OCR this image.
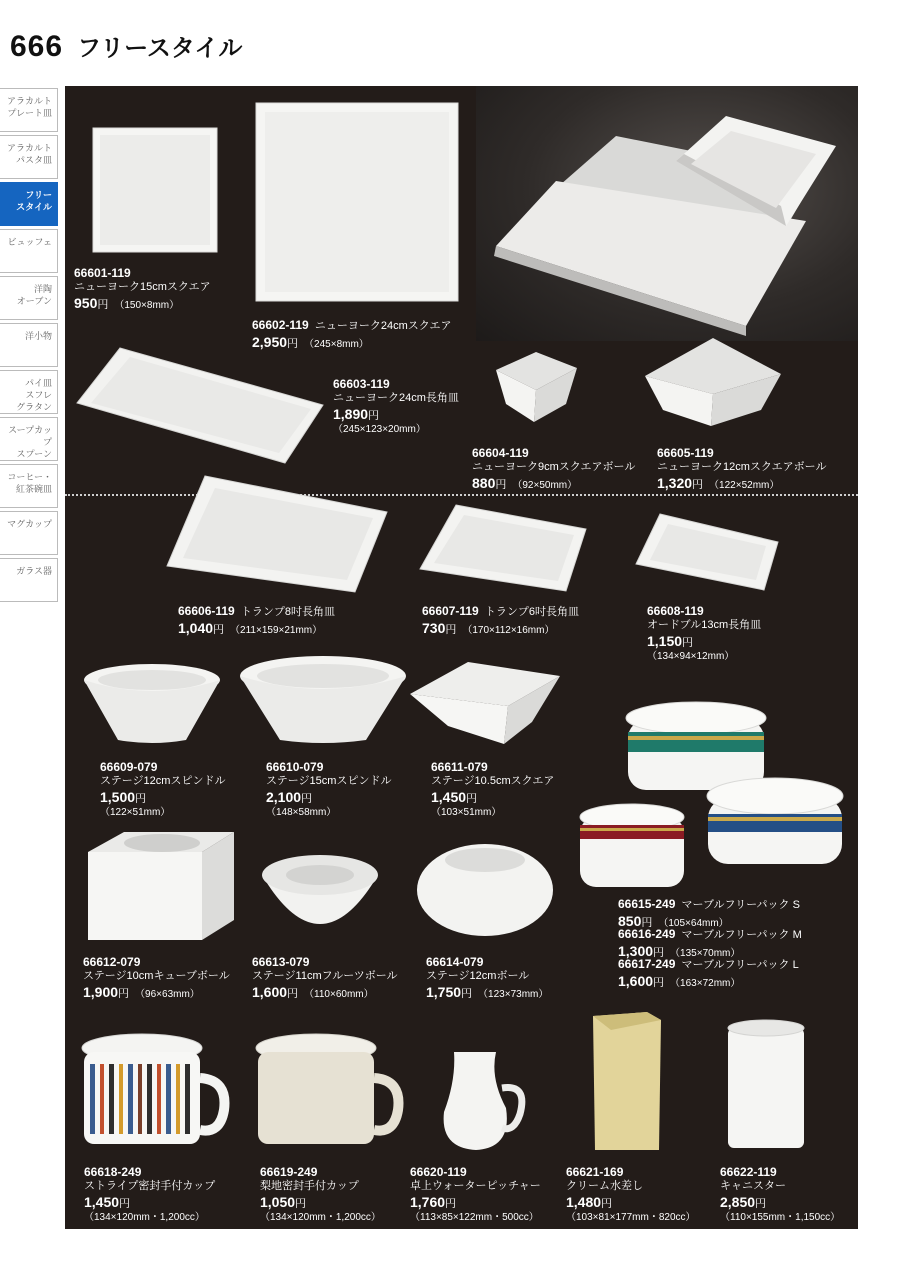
666 フリースタイル
アラカルト
プレート皿
アラカルト
パスタ皿
フリー
スタイル
ビュッフェ
洋陶
オーブン
洋小物
パイ皿
スフレ
グラタン
スープカップ
スプーン
コーヒー・
紅茶碗皿
マグカップ
ガラス器
66601-119
ニューヨーク15cmスクエア
950円 （150×8mm）
66602-119 ニューヨーク24cmスクエア
2,950円 （245×8mm）
66603-119
ニューヨーク24cm長角皿
1,890円
（245×123×20mm）
66604-119
ニューヨーク9cmスクエアボール
880円 （92×50mm）
66605-119
ニューヨーク12cmスクエアボール
1,320円 （122×52mm）
66606-119 トランプ8吋長角皿
1,040円 （211×159×21mm）
66607-119 トランプ6吋長角皿
730円 （170×112×16mm）
66608-119
オードブル13cm長角皿
1,150円
（134×94×12mm）
66609-079
ステージ12cmスピンドル
1,500円
（122×51mm）
66610-079
ステージ15cmスピンドル
2,100円
（148×58mm）
66611-079
ステージ10.5cmスクエア
1,450円
（103×51mm）
66612-079
ステージ10cmキューブボール
1,900円 （96×63mm）
66613-079
ステージ11cmフルーツボール
1,600円 （110×60mm）
66614-079
ステージ12cmボール
1,750円 （123×73mm）
66615-249 マーブルフリーパック S
850円 （105×64mm）
66616-249 マーブルフリーパック M
1,300円 （135×70mm）
66617-249 マーブルフリーパック L
1,600円 （163×72mm）
66618-249
ストライプ密封手付カップ
1,450円
（134×120mm・1,200cc）
66619-249
梨地密封手付カップ
1,050円
（134×120mm・1,200cc）
66620-119
卓上ウォーターピッチャー
1,760円
（113×85×122mm・500cc）
66621-169
クリーム水差し
1,480円
（103×81×177mm・820cc）
66622-119
キャニスター
2,850円
（110×155mm・1,150cc）
